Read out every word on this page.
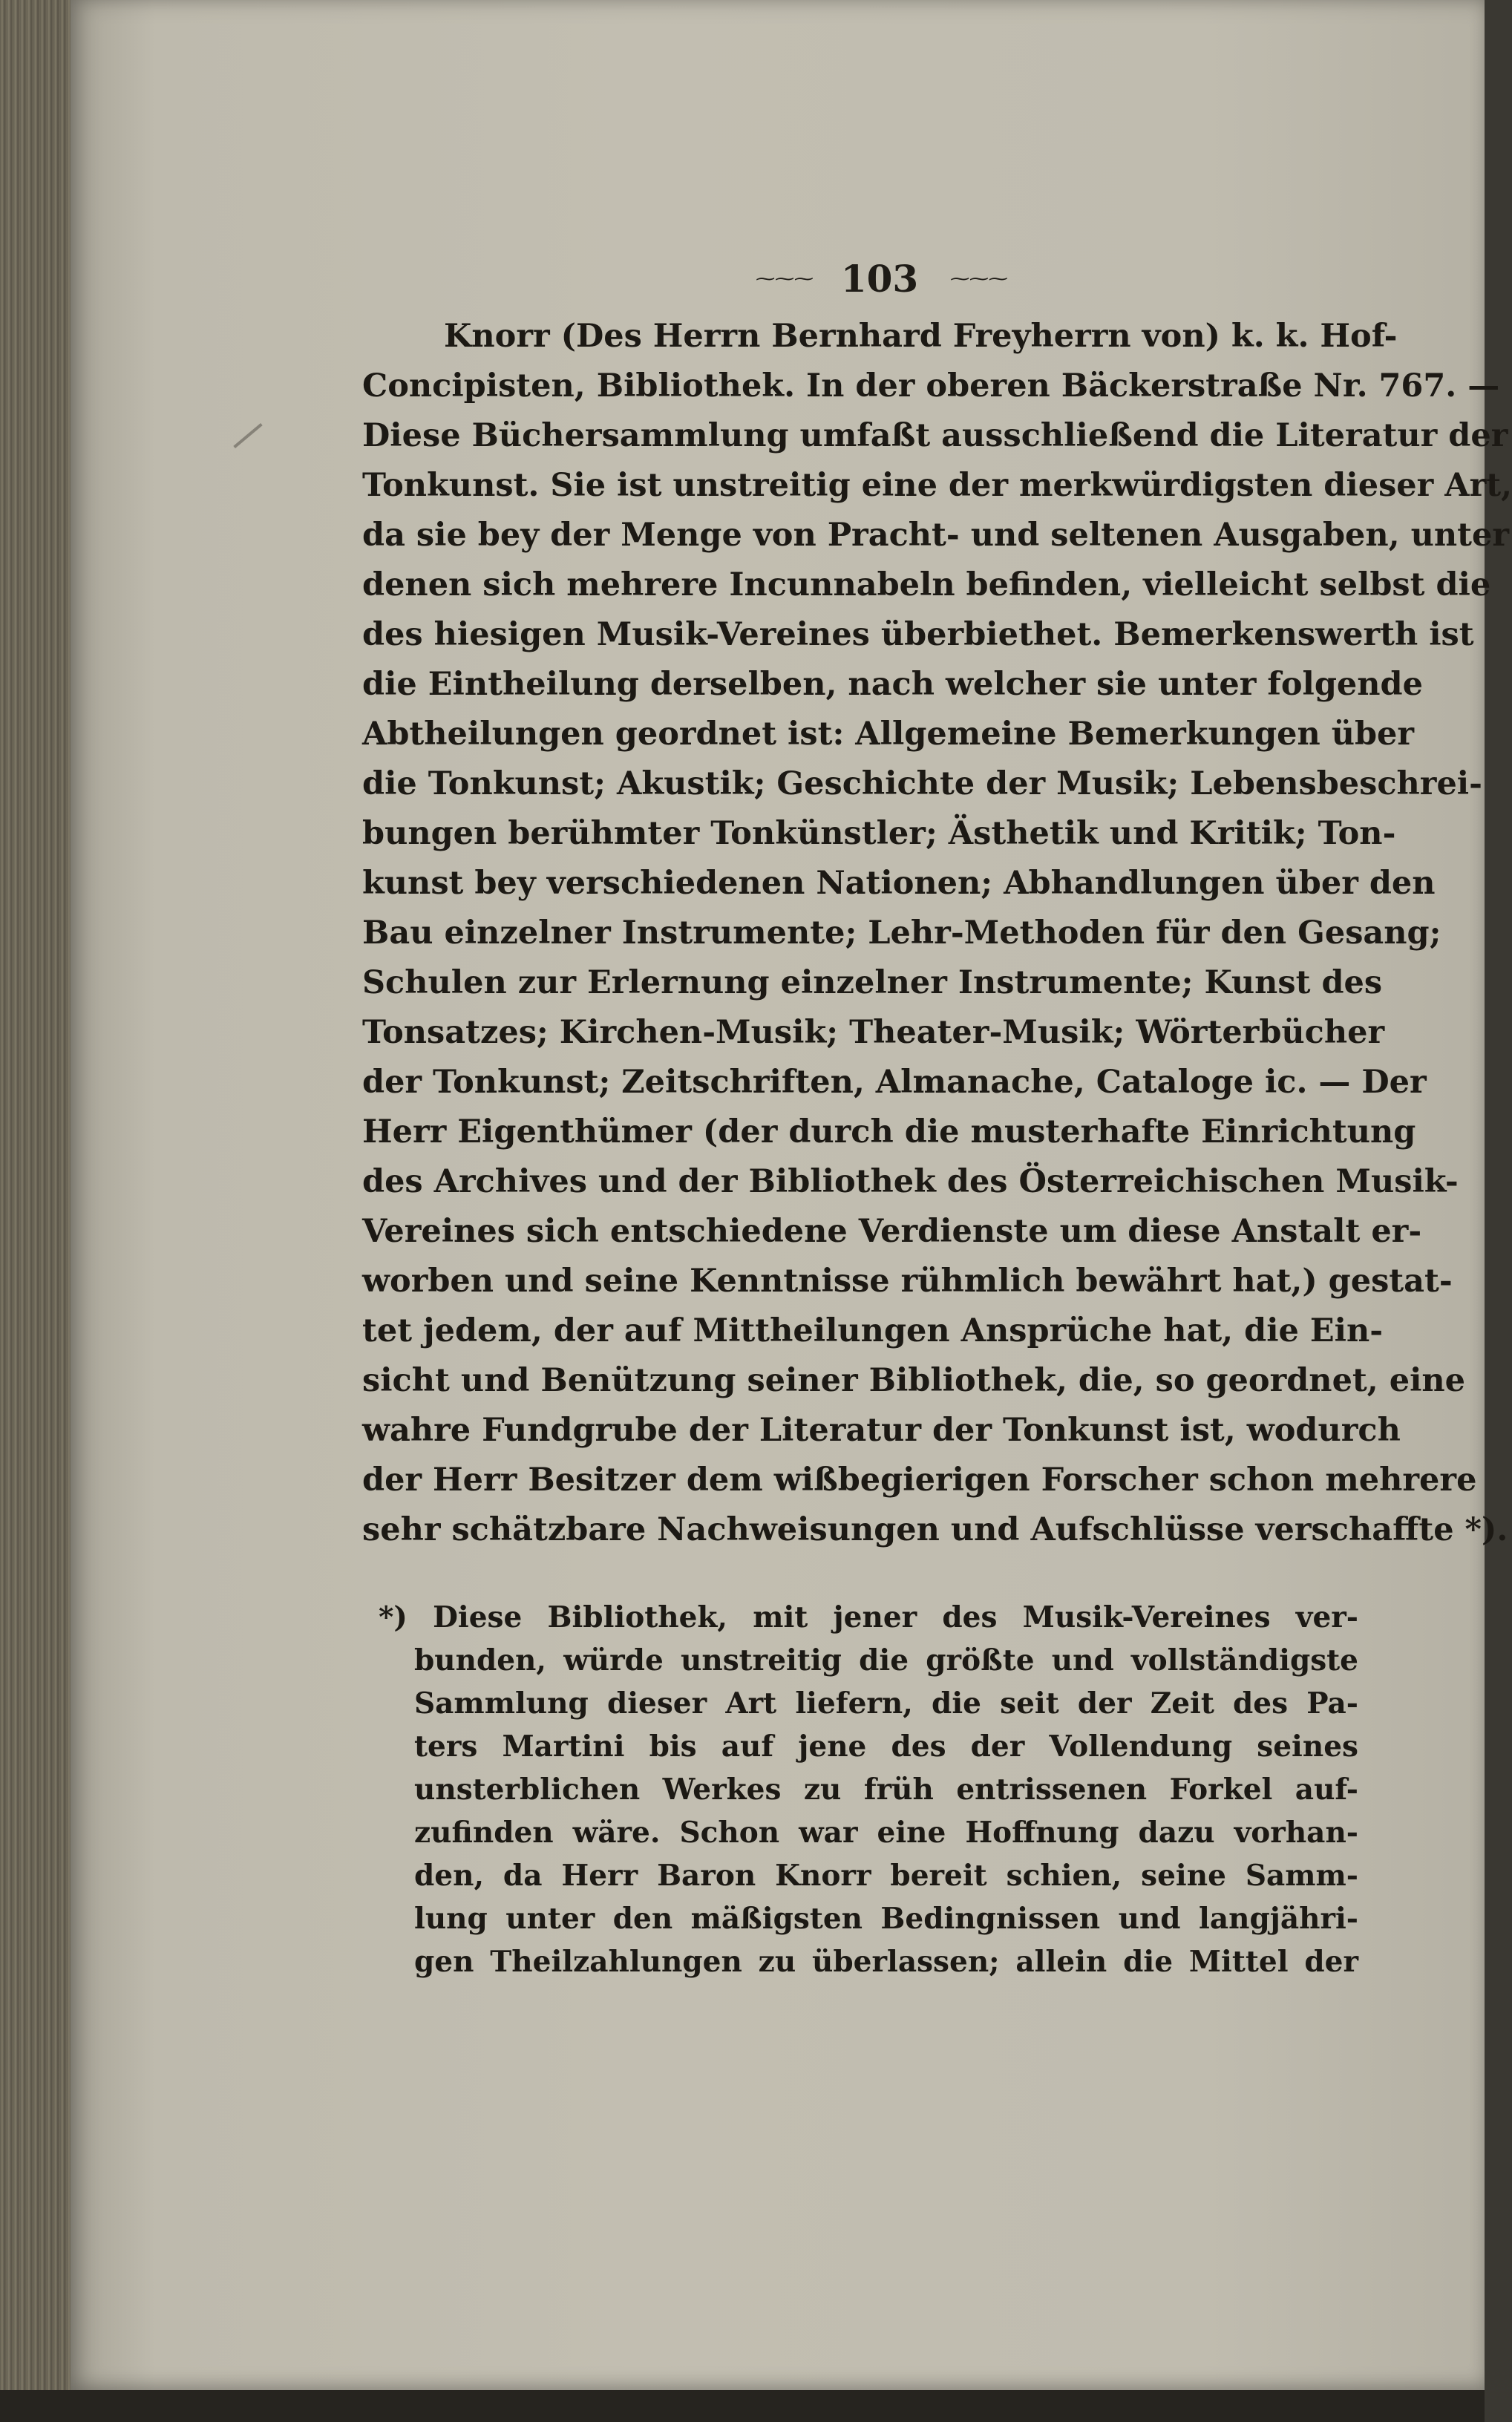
~~~ 103 ~~~
Knorr (Des Herrn Bernhard Freyherrn von) k. k. Hof-
Concipisten, Bibliothek. In der oberen Bäckerstraße Nr. 767. —
Diese Büchersammlung umfaßt ausschließend die Literatur der
Tonkunst. Sie ist unstreitig eine der merkwürdigsten dieser Art,
da sie bey der Menge von Pracht- und seltenen Ausgaben, unter
denen sich mehrere Incunnabeln befinden, vielleicht selbst die
des hiesigen Musik-Vereines überbiethet. Bemerkenswerth ist
die Eintheilung derselben, nach welcher sie unter folgende
Abtheilungen geordnet ist: Allgemeine Bemerkungen über
die Tonkunst; Akustik; Geschichte der Musik; Lebensbeschrei-
bungen berühmter Tonkünstler; Ästhetik und Kritik; Ton-
kunst bey verschiedenen Nationen; Abhandlungen über den
Bau einzelner Instrumente; Lehr-Methoden für den Gesang;
Schulen zur Erlernung einzelner Instrumente; Kunst des
Tonsatzes; Kirchen-Musik; Theater-Musik; Wörterbücher
der Tonkunst; Zeitschriften, Almanache, Cataloge ic. — Der
Herr Eigenthümer (der durch die musterhafte Einrichtung
des Archives und der Bibliothek des Österreichischen Musik-
Vereines sich entschiedene Verdienste um diese Anstalt er-
worben und seine Kenntnisse rühmlich bewährt hat,) gestat-
tet jedem, der auf Mittheilungen Ansprüche hat, die Ein-
sicht und Benützung seiner Bibliothek, die, so geordnet, eine
wahre Fundgrube der Literatur der Tonkunst ist, wodurch
der Herr Besitzer dem wißbegierigen Forscher schon mehrere
sehr schätzbare Nachweisungen und Aufschlüsse verschaffte *).
*) Diese Bibliothek, mit jener des Musik-Vereines ver-
bunden, würde unstreitig die größte und vollständigste
Sammlung dieser Art liefern, die seit der Zeit des Pa-
ters Martini bis auf jene des der Vollendung seines
unsterblichen Werkes zu früh entrissenen Forkel auf-
zufinden wäre. Schon war eine Hoffnung dazu vorhan-
den, da Herr Baron Knorr bereit schien, seine Samm-
lung unter den mäßigsten Bedingnissen und langjähri-
gen Theilzahlungen zu überlassen; allein die Mittel der
